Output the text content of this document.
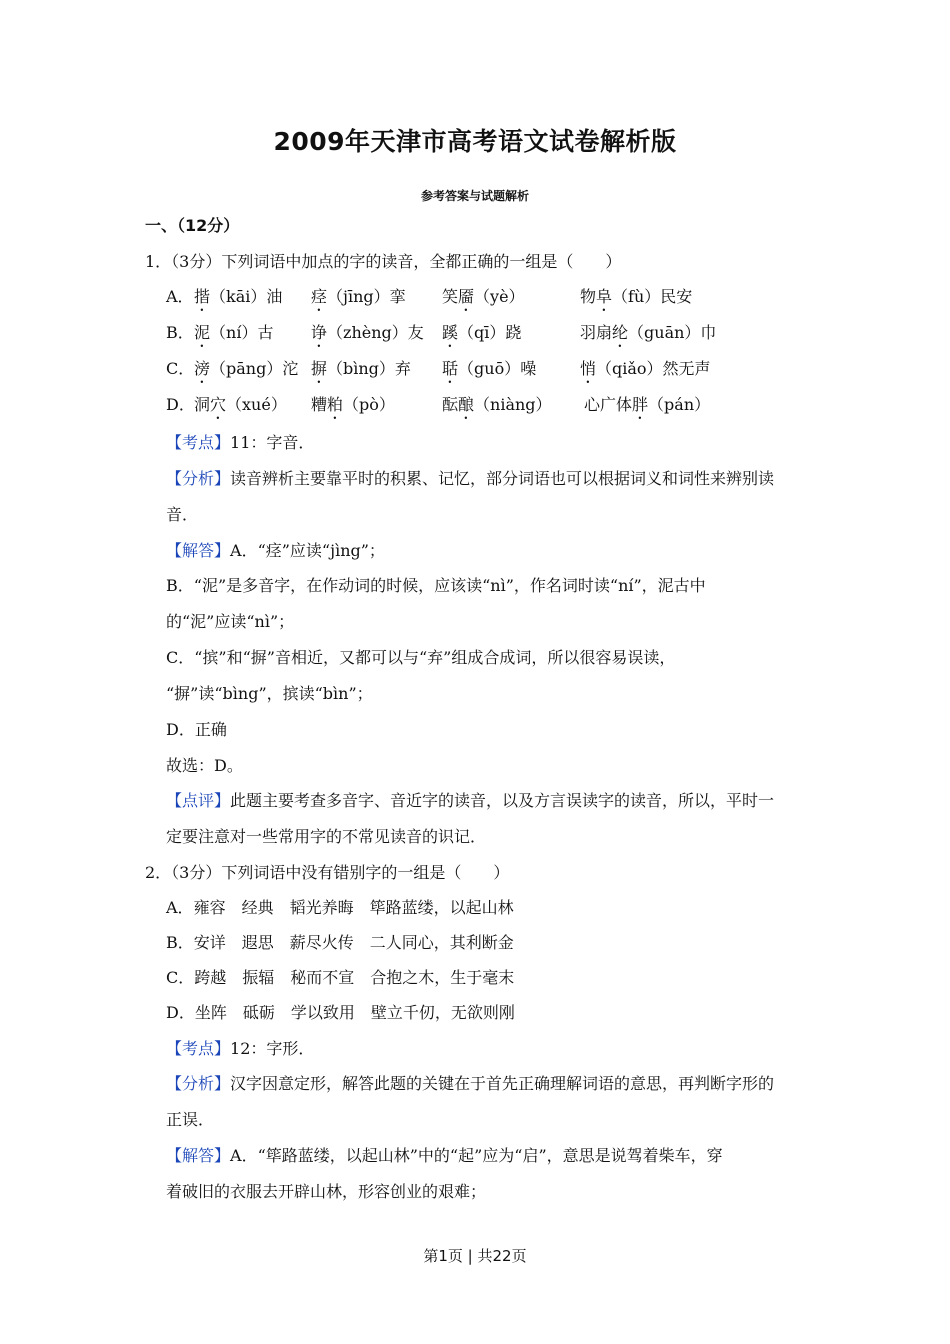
2009年天津市高考语文试卷解析版
参考答案与试题解析
一、（12分）
1．（3分）下列词语中加点的字的读音，全都正确的一组是（　　）
A． 揩（kāi）油 痉（jīng）挛 笑靥（yè）	物阜（fù）民安
B． 泥（ní）古 诤（zhèng）友 蹊（qī）跷	羽扇纶（guān）巾
C． 滂（pāng）沱 摒（bìng）弃 聒（guō）噪	悄（qiǎo）然无声
D． 洞穴（xué） 糟粕（pò）	酝酿（niàng） 心广体胖（pán）
【考点】11：字音．
【分析】读音辨析主要靠平时的积累、记忆，部分词语也可以根据词义和词性来辨别读
音．
【解答】A．“痉”应读“jìng”；
B．“泥”是多音字，在作动词的时候，应该读“nì”，作名词时读“ní”，泥古中
的“泥”应读“nì”；
C．“摈”和“摒”音相近，又都可以与“弃”组成合成词，所以很容易误读，
“摒”读“bìng”，摈读“bìn”；
D．正确
故选：D。
【点评】此题主要考查多音字、音近字的读音，以及方言误读字的读音，所以，平时一
定要注意对一些常用字的不常见读音的识记．
2．（3分）下列词语中没有错别字的一组是（　　）
A．雍容　经典　韬光养晦　筚路蓝缕，以起山林
B．安详　遐思　薪尽火传　二人同心，其利断金
C．跨越　振辐　秘而不宣　合抱之木，生于毫末
D．坐阵　砥砺　学以致用　壁立千仞，无欲则刚
【考点】12：字形．
【分析】汉字因意定形，解答此题的关键在于首先正确理解词语的意思，再判断字形的
正误．
【解答】A．“筚路蓝缕，以起山林”中的“起”应为“启”，意思是说驾着柴车，穿
着破旧的衣服去开辟山林，形容创业的艰难；
第1页 | 共22页
